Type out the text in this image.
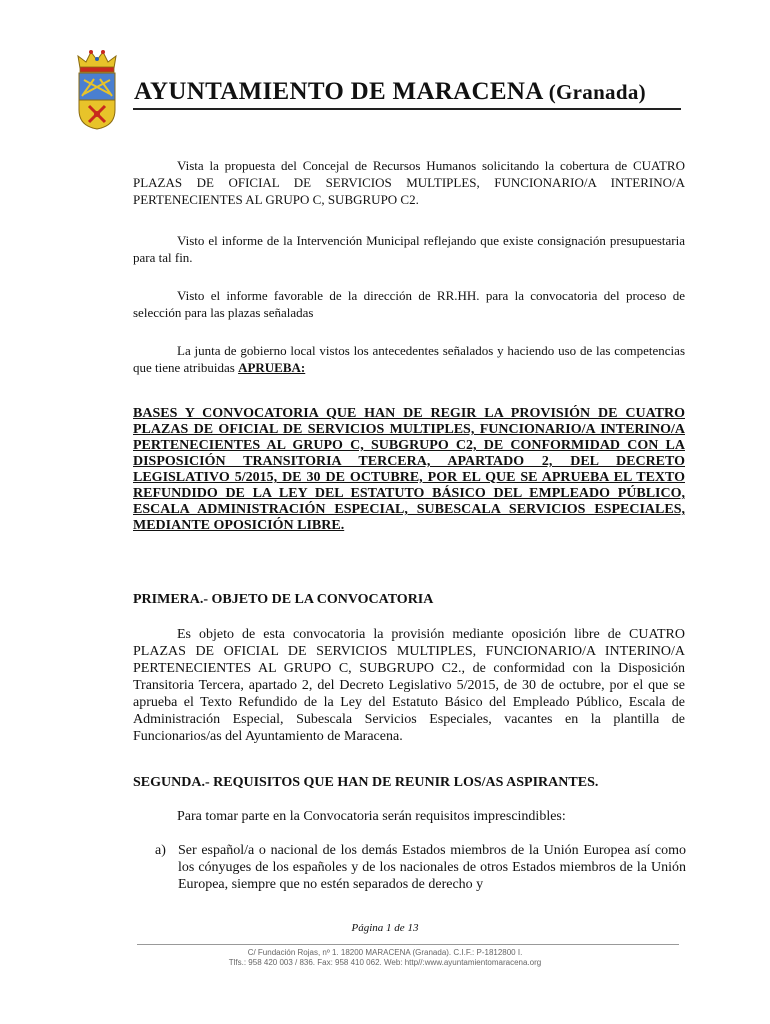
AYUNTAMIENTO DE MARACENA (Granada)

Vista la propuesta del Concejal de Recursos Humanos solicitando la cobertura de CUATRO PLAZAS DE OFICIAL DE SERVICIOS MULTIPLES, FUNCIONARIO/A INTERINO/A PERTENECIENTES AL GRUPO C, SUBGRUPO C2.

Visto el informe de la Intervención Municipal reflejando que existe consignación presupuestaria para tal fin.

Visto el informe favorable de la dirección de RR.HH. para la convocatoria del proceso de selección para las plazas señaladas

La junta de gobierno local vistos los antecedentes señalados y haciendo uso de las competencias que tiene atribuidas APRUEBA:

BASES Y CONVOCATORIA QUE HAN DE REGIR LA PROVISIÓN DE CUATRO PLAZAS DE OFICIAL DE SERVICIOS MULTIPLES, FUNCIONARIO/A INTERINO/A PERTENECIENTES AL GRUPO C, SUBGRUPO C2, DE CONFORMIDAD CON LA DISPOSICIÓN TRANSITORIA TERCERA, APARTADO 2, DEL DECRETO LEGISLATIVO 5/2015, DE 30 DE OCTUBRE, POR EL QUE SE APRUEBA EL TEXTO REFUNDIDO DE LA LEY DEL ESTATUTO BÁSICO DEL EMPLEADO PÚBLICO, ESCALA ADMINISTRACIÓN ESPECIAL, SUBESCALA SERVICIOS ESPECIALES, MEDIANTE OPOSICIÓN LIBRE.

PRIMERA.- OBJETO DE LA CONVOCATORIA

Es objeto de esta convocatoria la provisión mediante oposición libre de CUATRO PLAZAS DE OFICIAL DE SERVICIOS MULTIPLES, FUNCIONARIO/A INTERINO/A PERTENECIENTES AL GRUPO C, SUBGRUPO C2., de conformidad con la Disposición Transitoria Tercera, apartado 2, del Decreto Legislativo 5/2015, de 30 de octubre, por el que se aprueba el Texto Refundido de la Ley del Estatuto Básico del Empleado Público, Escala de Administración Especial, Subescala Servicios Especiales, vacantes en la plantilla de Funcionarios/as del Ayuntamiento de Maracena.

SEGUNDA.- REQUISITOS QUE HAN DE REUNIR LOS/AS ASPIRANTES.

Para tomar parte en la Convocatoria serán requisitos imprescindibles:

a) Ser español/a o nacional de los demás Estados miembros de la Unión Europea así como los cónyuges de los españoles y de los nacionales de otros Estados miembros de la Unión Europea, siempre que no estén separados de derecho y

Página 1 de 13
C/ Fundación Rojas, nº 1. 18200 MARACENA (Granada). C.I.F.: P-1812800 I.
Tlfs.: 958 420 003 / 836. Fax: 958 410 062. Web: http//:www.ayuntamientomaracena.org
